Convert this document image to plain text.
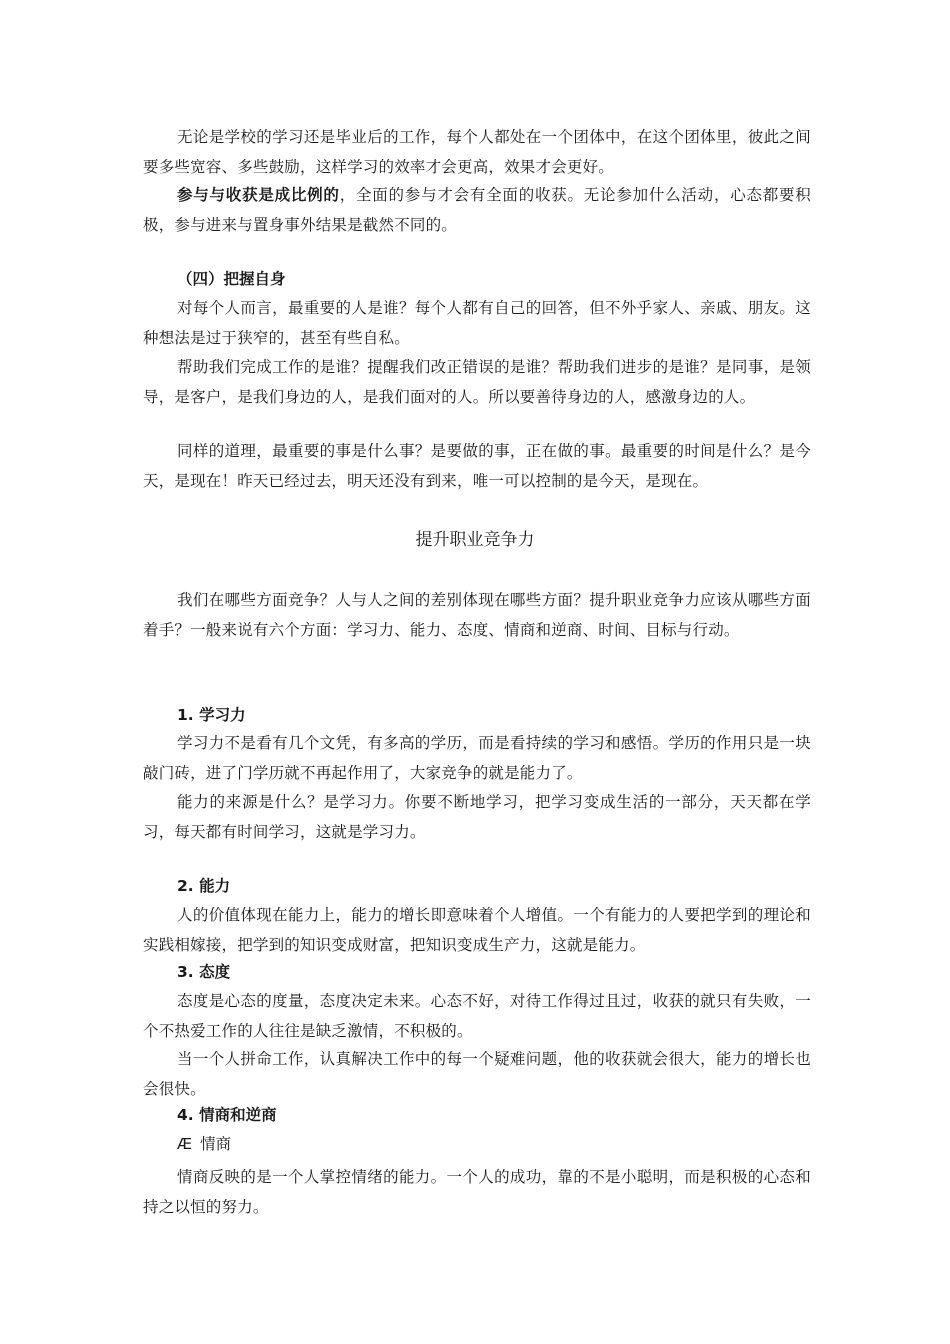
无论是学校的学习还是毕业后的工作，每个人都处在一个团体中，在这个团体里，彼此之间要多些宽容、多些鼓励，这样学习的效率才会更高，效果才会更好。

参与与收获是成比例的，全面的参与才会有全面的收获。无论参加什么活动，心态都要积极，参与进来与置身事外结果是截然不同的。

（四）把握自身

对每个人而言，最重要的人是谁？每个人都有自己的回答，但不外乎家人、亲戚、朋友。这种想法是过于狭窄的，甚至有些自私。

帮助我们完成工作的是谁？提醒我们改正错误的是谁？帮助我们进步的是谁？是同事，是领导，是客户，是我们身边的人，是我们面对的人。所以要善待身边的人，感激身边的人。

同样的道理，最重要的事是什么事？是要做的事，正在做的事。最重要的时间是什么？是今天，是现在！昨天已经过去，明天还没有到来，唯一可以控制的是今天，是现在。

提升职业竞争力

我们在哪些方面竞争？人与人之间的差别体现在哪些方面？提升职业竞争力应该从哪些方面着手？一般来说有六个方面：学习力、能力、态度、情商和逆商、时间、目标与行动。

1. 学习力

学习力不是看有几个文凭，有多高的学历，而是看持续的学习和感悟。学历的作用只是一块敲门砖，进了门学历就不再起作用了，大家竞争的就是能力了。

能力的来源是什么？是学习力。你要不断地学习，把学习变成生活的一部分，天天都在学习，每天都有时间学习，这就是学习力。

2. 能力

人的价值体现在能力上，能力的增长即意味着个人增值。一个有能力的人要把学到的理论和实践相嫁接，把学到的知识变成财富，把知识变成生产力，这就是能力。

3. 态度

态度是心态的度量，态度决定未来。心态不好，对待工作得过且过，收获的就只有失败，一个不热爱工作的人往往是缺乏激情，不积极的。

当一个人拼命工作，认真解决工作中的每一个疑难问题，他的收获就会很大，能力的增长也会很快。

4. 情商和逆商

Æ 情商

情商反映的是一个人掌控情绪的能力。一个人的成功，靠的不是小聪明，而是积极的心态和持之以恒的努力。
